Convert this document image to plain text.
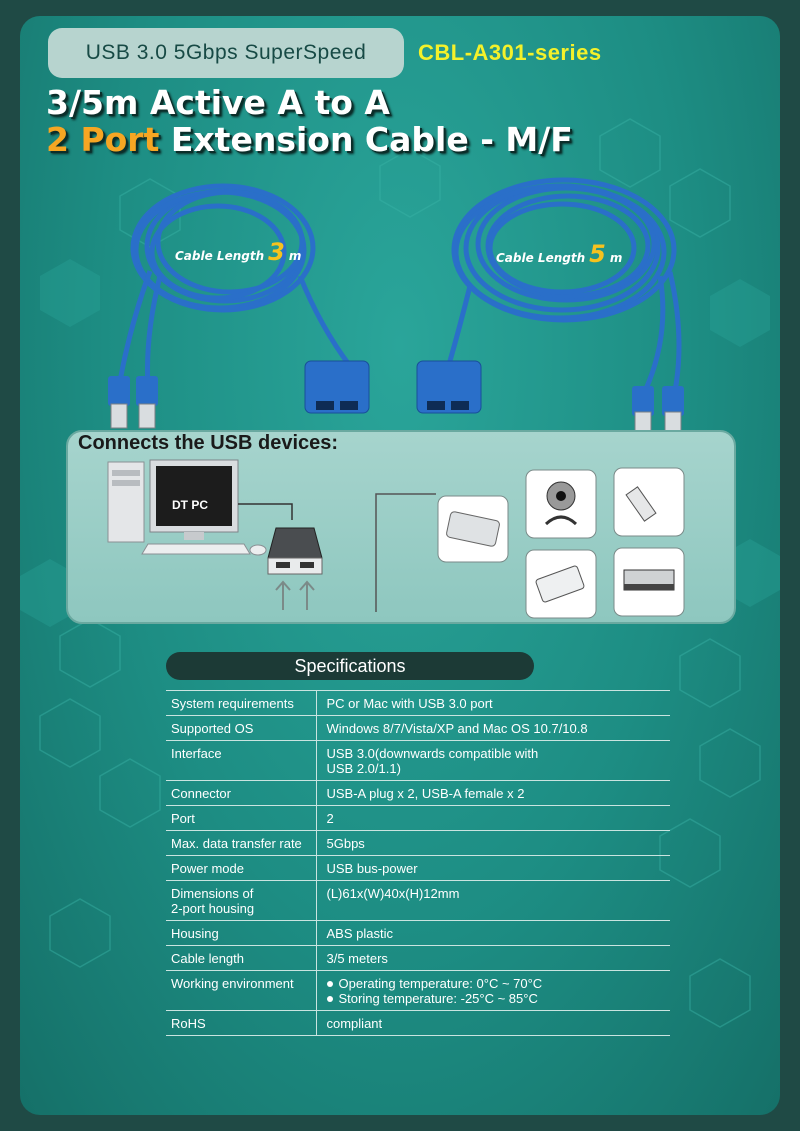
USB 3.0 5Gbps SuperSpeed	CBL-A301-series
3/5m Active A to A
2 Port Extension Cable - M/F
Cable Length 3 m	Cable Length 5 m
Connects the USB devices:
DT PC
Specifications
System requirements	PC or Mac with USB 3.0 port
Supported OS	Windows 8/7/Vista/XP and Mac OS 10.7/10.8
Interface	USB 3.0(downwards compatible with
USB 2.0/1.1)

Connector	USB-A plug x 2, USB-A female x 2
Port	2
Max. data transfer rate	5Gbps
Power mode	USB bus-power

Dimensions of
2-port housing	(L)61x(W)40x(H)12mm
Housing	ABS plastic
Cable length	3/5 meters
Working environment	Operating temperature: 0°C ~ 70°C
Storing temperature: -25°C ~ 85°C

RoHS	compliant
